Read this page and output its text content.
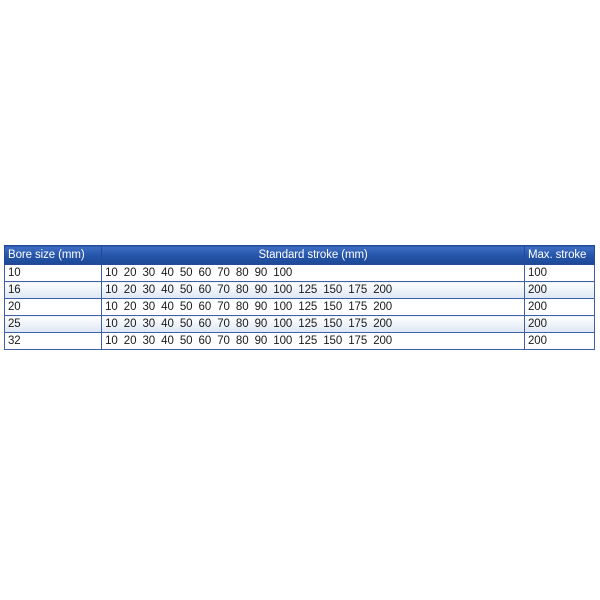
Bore size (mm)	Standard stroke (mm)	Max. stroke
10	10 20 30 40 50 60 70 80 90 100	100
16	10 20 30 40 50 60 70 80 90 100 125 150 175 200	200
20	10 20 30 40 50 60 70 80 90 100 125 150 175 200	200
25	10 20 30 40 50 60 70 80 90 100 125 150 175 200	200
32	10 20 30 40 50 60 70 80 90 100 125 150 175 200	200
